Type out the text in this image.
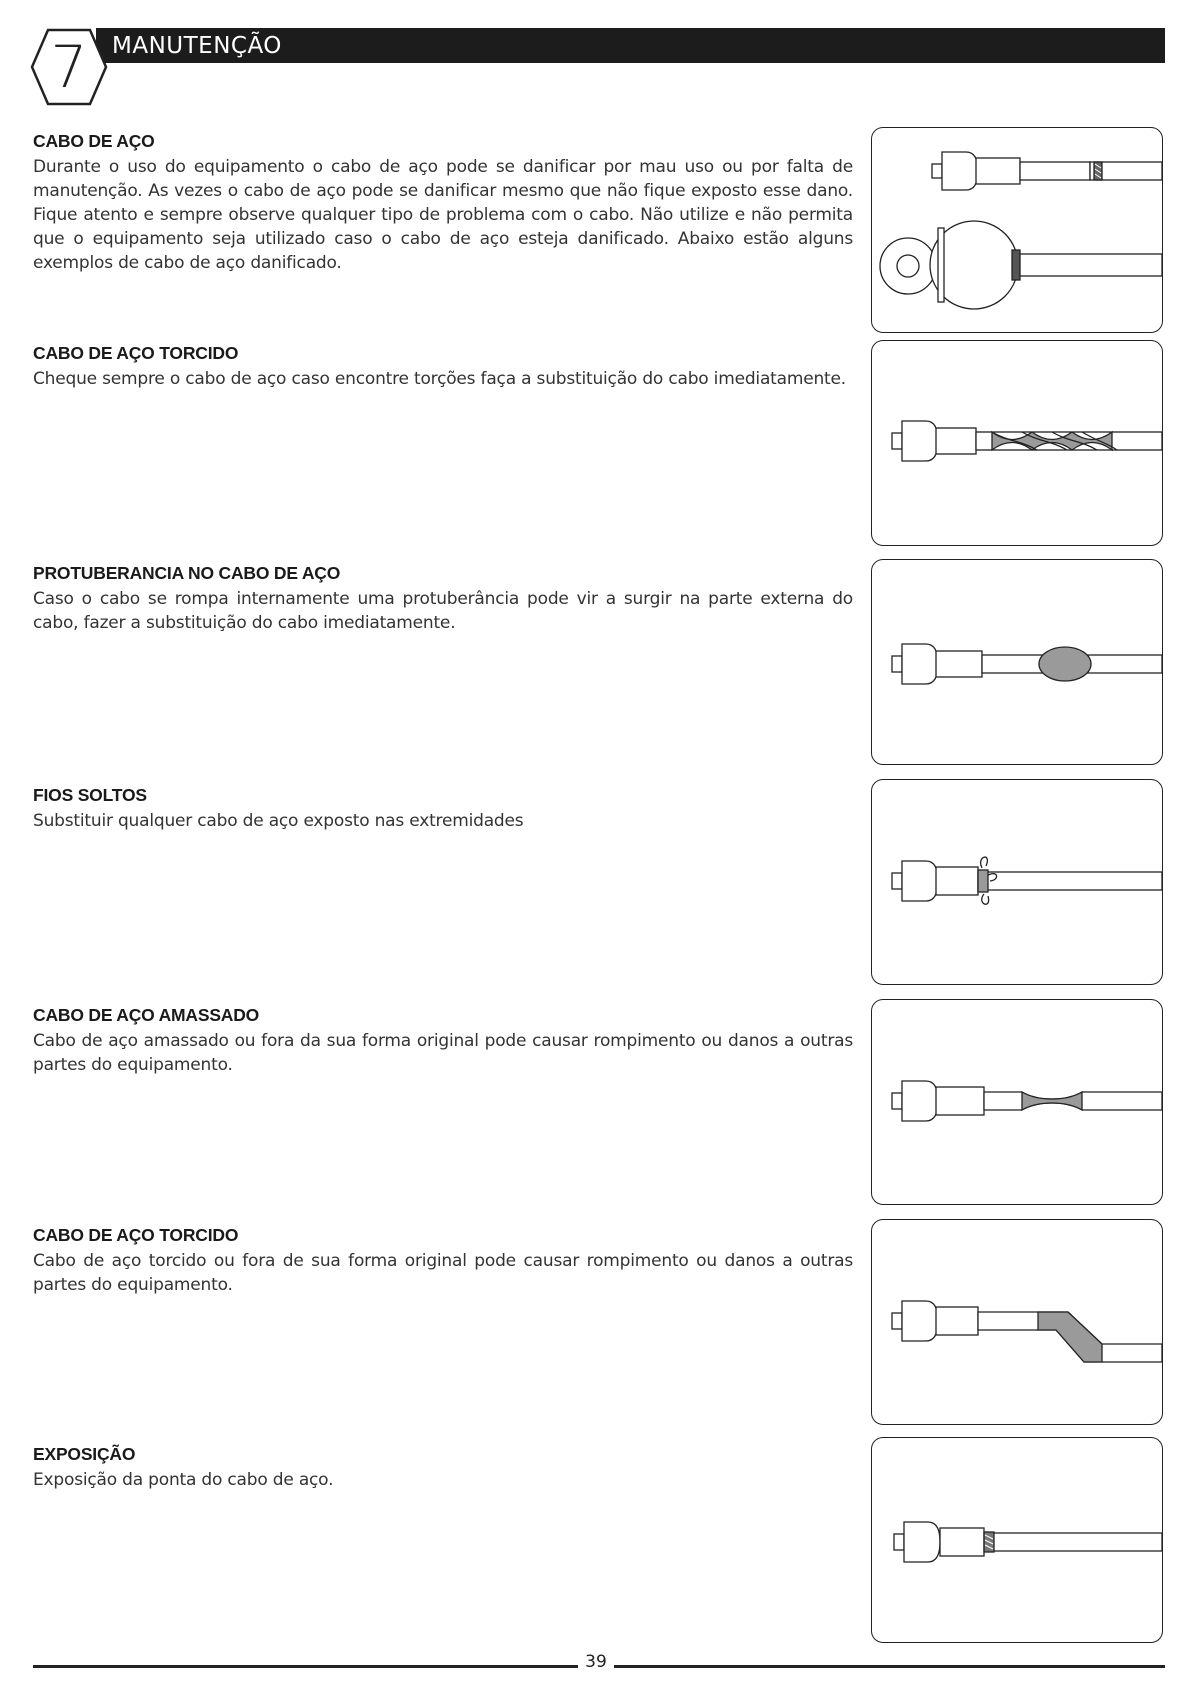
MANUTENÇÃO
7

CABO DE AÇO

Durante o uso do equipamento o cabo de aço pode se danificar por mau uso ou por falta de manutenção. As vezes o cabo de aço pode se danificar mesmo que não fique exposto esse dano. Fique atento e sempre observe qualquer tipo de problema com o cabo. Não utilize e não permita que o equipamento seja utilizado caso o cabo de aço esteja danificado. Abaixo estão alguns exemplos de cabo de aço danificado.

CABO DE AÇO TORCIDO

Cheque sempre o cabo de aço caso encontre torções faça a substituição do cabo imediatamente.

PROTUBERANCIA NO CABO DE AÇO

Caso o cabo se rompa internamente uma protuberância pode vir a surgir na parte externa do cabo, fazer a substituição do cabo imediatamente.

FIOS SOLTOS

Substituir qualquer cabo de aço exposto nas extremidades

CABO DE AÇO AMASSADO

Cabo de aço amassado ou fora da sua forma original pode causar rompimento ou danos a outras partes do equipamento.

CABO DE AÇO TORCIDO

Cabo de aço torcido ou fora de sua forma original pode causar rompimento ou danos a outras partes do equipamento.

EXPOSIÇÃO

Exposição da ponta do cabo de aço.

39
